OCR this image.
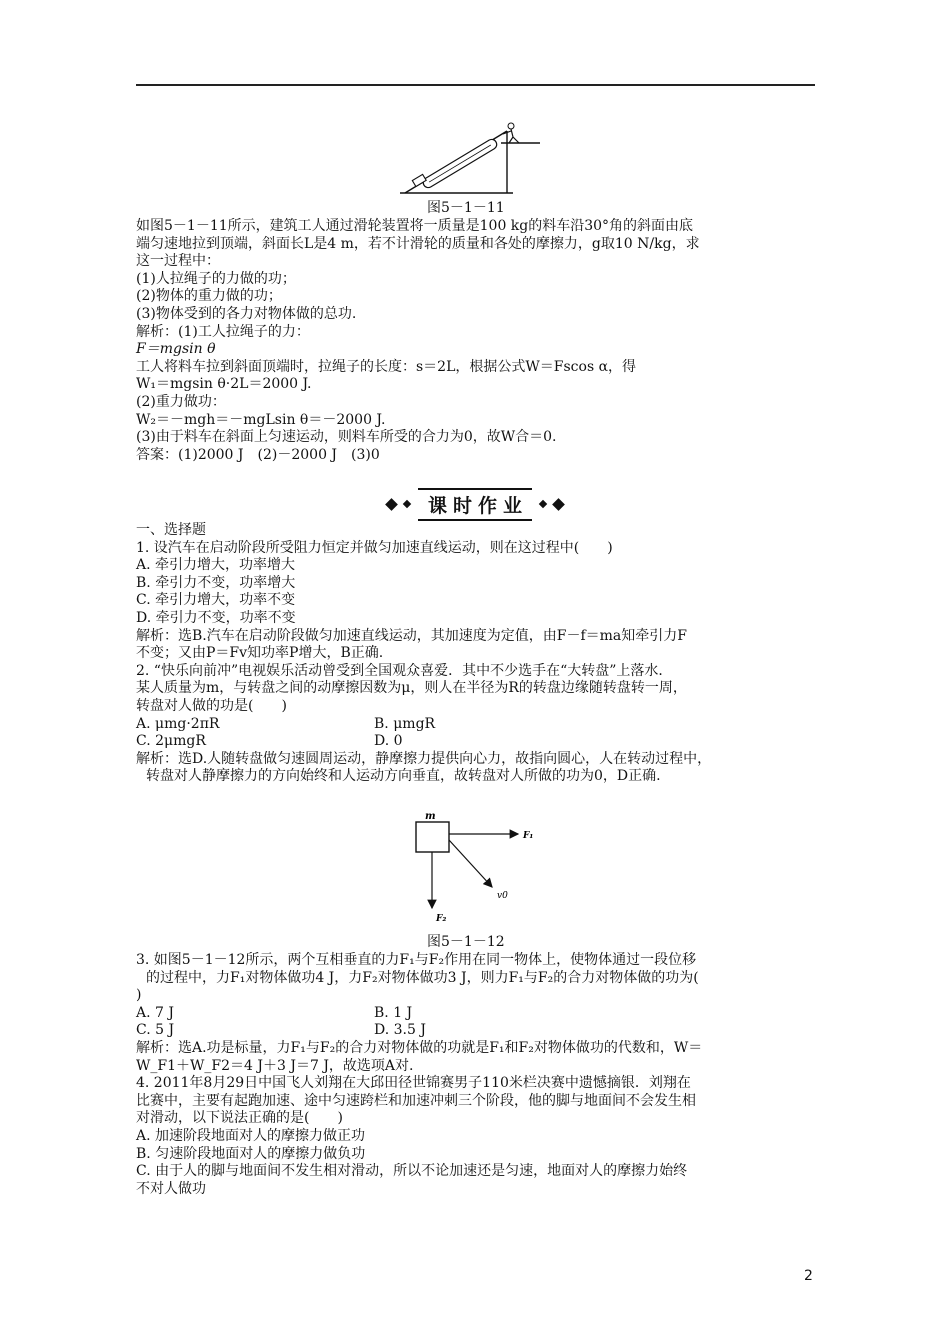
图5－1－11

如图5－1－11所示，建筑工人通过滑轮装置将一质量是100 kg的料车沿30°角的斜面由底

端匀速地拉到顶端，斜面长L是4 m，若不计滑轮的质量和各处的摩擦力，g取10 N/kg，求

这一过程中：

(1)人拉绳子的力做的功；

(2)物体的重力做的功；

(3)物体受到的各力对物体做的总功.

解析：(1)工人拉绳子的力：

F＝mgsin θ

工人将料车拉到斜面顶端时，拉绳子的长度：s＝2L，根据公式W＝Fscos α，得

W₁＝mgsin θ·2L＝2000 J.

(2)重力做功：

W₂＝－mgh＝－mgLsin θ＝－2000 J.

(3)由于料车在斜面上匀速运动，则料车所受的合力为0，故W合＝0.

答案：(1)2000 J　(2)－2000 J　(3)0

课时作业

一、选择题

1. 设汽车在启动阶段所受阻力恒定并做匀加速直线运动，则在这过程中(　　)

A. 牵引力增大，功率增大

B. 牵引力不变，功率增大

C. 牵引力增大，功率不变

D. 牵引力不变，功率不变

解析：选B.汽车在启动阶段做匀加速直线运动，其加速度为定值，由F－f＝ma知牵引力F

不变；又由P＝Fv知功率P增大，B正确.

2. “快乐向前冲”电视娱乐活动曾受到全国观众喜爱．其中不少选手在“大转盘”上落水．

某人质量为m，与转盘之间的动摩擦因数为μ，则人在半径为R的转盘边缘随转盘转一周，

转盘对人做的功是(　　)

A. μmg·2πR	B. μmgR
C. 2μmgR	D. 0

解析：选D.人随转盘做匀速圆周运动，静摩擦力提供向心力，故指向圆心，人在转动过程中，

转盘对人静摩擦力的方向始终和人运动方向垂直，故转盘对人所做的功为0，D正确.

m
F₁
v0
F₂
图5－1－12

3. 如图5－1－12所示，两个互相垂直的力F₁与F₂作用在同一物体上，使物体通过一段位移

的过程中，力F₁对物体做功4 J，力F₂对物体做功3 J，则力F₁与F₂的合力对物体做的功为(

)

A. 7 J	B. 1 J
C. 5 J	D. 3.5 J

解析：选A.功是标量，力F₁与F₂的合力对物体做的功就是F₁和F₂对物体做功的代数和，W＝

W_F1＋W_F2＝4 J＋3 J＝7 J，故选项A对.

4. 2011年8月29日中国飞人刘翔在大邱田径世锦赛男子110米栏决赛中遗憾摘银．刘翔在

比赛中，主要有起跑加速、途中匀速跨栏和加速冲刺三个阶段，他的脚与地面间不会发生相

对滑动，以下说法正确的是(　　)

A. 加速阶段地面对人的摩擦力做正功

B. 匀速阶段地面对人的摩擦力做负功

C. 由于人的脚与地面间不发生相对滑动，所以不论加速还是匀速，地面对人的摩擦力始终

不对人做功

2
